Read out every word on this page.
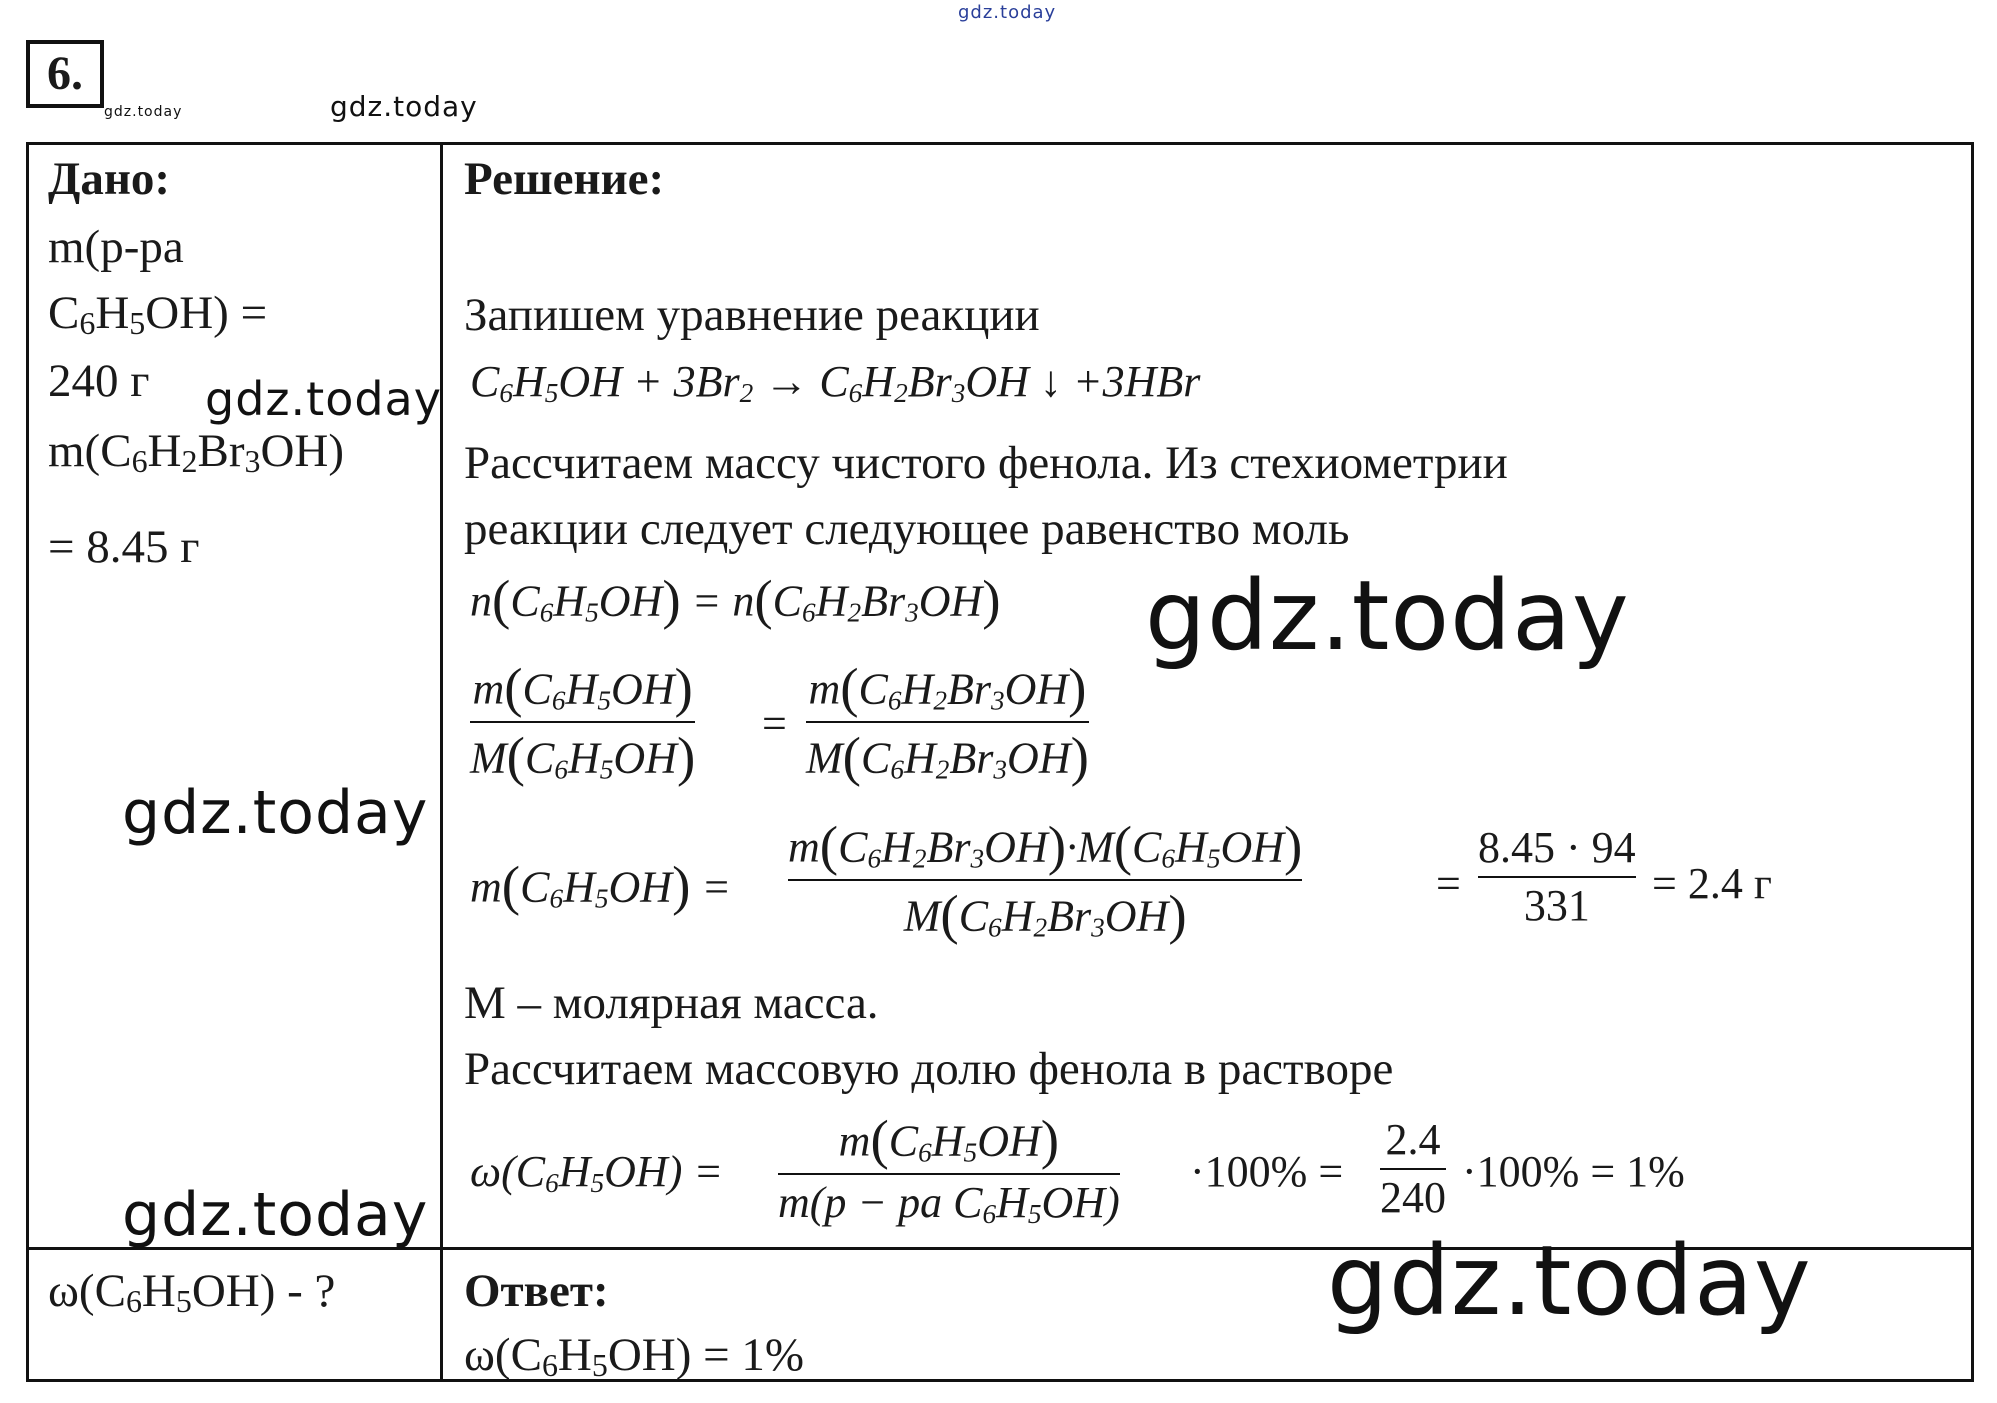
gdz.today
gdz.today	gdz.today
6.
Дано:
m(р-ра
C6H5OH) =
240 г
m(C6H2Br3OH)
= 8.45 г
gdz.today
gdz.today
gdz.today
ω(C6H5OH) - ?
Решение:
Запишем уравнение реакции
C6H5OH + 3Br2 → C6H2Br3OH ↓ +3HBr
Рассчитаем массу чистого фенола. Из стехиометрии
реакции следует следующее равенство моль
n(C6H5OH) = n(C6H2Br3OH) gdz.today
m(C6H5OH)
M(C6H5OH)
=
m(C6H2Br3OH)
M(C6H2Br3OH)
m(C6H5OH) =
m(C6H2Br3OH)·M(C6H5OH)
M(C6H2Br3OH)
=
8.45 · 94
331	= 2.4 г
M – молярная масса.
Рассчитаем массовую долю фенола в растворе
ω(C6H5OH) =
m(C6H5OH)
m(p − pa C6H5OH)
·100% =
2.4
240
·100% = 1%
Ответ:
ω(C6H5OH) = 1%
gdz.today
